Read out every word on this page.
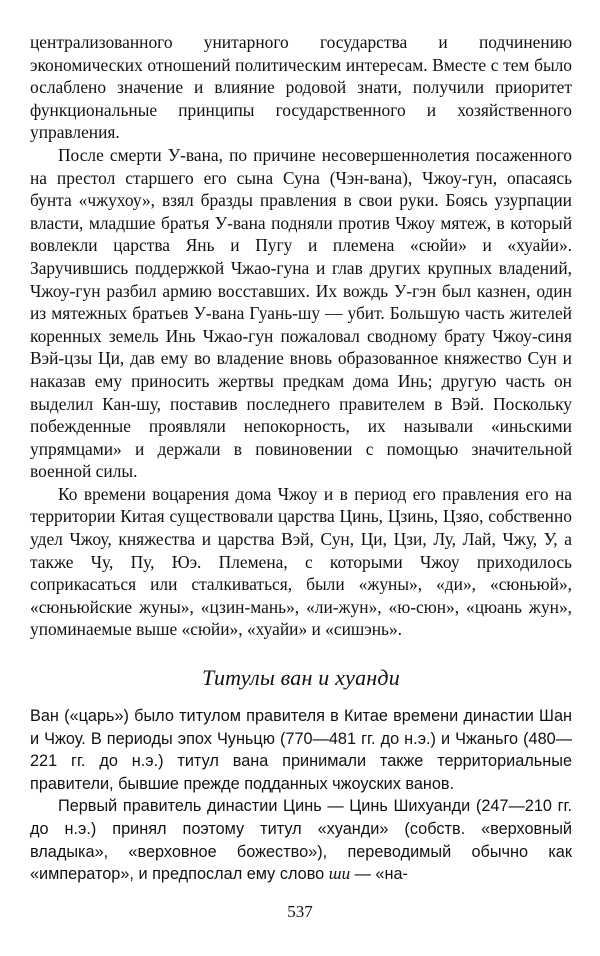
централизованного унитарного государства и подчинению экономических отношений политическим интересам. Вместе с тем было ослаблено значение и влияние родовой знати, получили приоритет функциональные принципы государственного и хозяйственного управления.

После смерти У-вана, по причине несовершеннолетия посаженного на престол старшего его сына Суна (Чэн-вана), Чжоу-гун, опасаясь бунта «чжухоу», взял бразды правления в свои руки. Боясь узурпации власти, младшие братья У-вана подняли против Чжоу мятеж, в который вовлекли царства Янь и Пугу и племена «сюйи» и «хуайи». Заручившись поддержкой Чжао-гуна и глав других крупных владений, Чжоу-гун разбил армию восставших. Их вождь У-гэн был казнен, один из мятежных братьев У-вана Гуань-шу — убит. Большую часть жителей коренных земель Инь Чжао-гун пожаловал сводному брату Чжоу-синя Вэй-цзы Ци, дав ему во владение вновь образованное княжество Сун и наказав ему приносить жертвы предкам дома Инь; другую часть он выделил Кан-шу, поставив последнего правителем в Вэй. Поскольку побежденные проявляли непокорность, их называли «иньскими упрямцами» и держали в повиновении с помощью значительной военной силы.

Ко времени воцарения дома Чжоу и в период его правления его на территории Китая существовали царства Цинь, Цзинь, Цзяо, собственно удел Чжоу, княжества и царства Вэй, Сун, Ци, Цзи, Лу, Лай, Чжу, У, а также Чу, Пу, Юэ. Племена, с которыми Чжоу приходилось соприкасаться или сталкиваться, были «жуны», «ди», «сюньюй», «сюньюйские жуны», «цзин-мань», «ли-жун», «ю-сюн», «цюань жун», упоминаемые выше «сюйи», «хуайи» и «сишэнь».

Титулы ван и хуанди

Ван («царь») было титулом правителя в Китае времени династии Шан и Чжоу. В периоды эпох Чуньцю (770—481 гг. до н.э.) и Чжаньго (480—221 гг. до н.э.) титул вана принимали также территориальные правители, бывшие прежде подданных чжоуских ванов.

Первый правитель династии Цинь — Цинь Шихуанди (247—210 гг. до н.э.) принял поэтому титул «хуанди» (собств. «верховный владыка», «верховное божество»), переводимый обычно как «император», и предпослал ему слово ши — «на-

537
